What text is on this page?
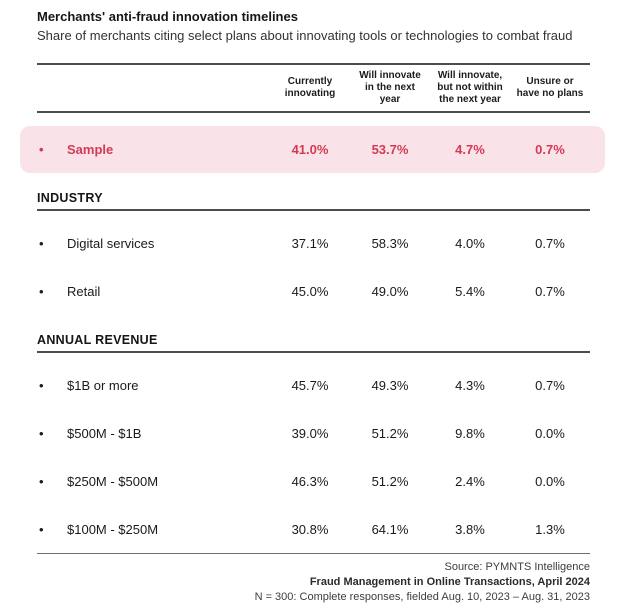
Merchants' anti-fraud innovation timelines
Share of merchants citing select plans about innovating tools or technologies to combat fraud
Currently innovating
Will innovate in the next year
Will innovate, but not within the next year
Unsure or have no plans
•	Sample	41.0%	53.7%	4.7%	0.7%
INDUSTRY
•	Digital services	37.1%	58.3%	4.0%	0.7%
•	Retail	45.0%	49.0%	5.4%	0.7%
ANNUAL REVENUE
•	$1B or more	45.7%	49.3%	4.3%	0.7%
•	$500M - $1B	39.0%	51.2%	9.8%	0.0%
•	$250M - $500M	46.3%	51.2%	2.4%	0.0%
•	$100M - $250M	30.8%	64.1%	3.8%	1.3%
Source: PYMNTS Intelligence
Fraud Management in Online Transactions, April 2024
N = 300: Complete responses, fielded Aug. 10, 2023 – Aug. 31, 2023
